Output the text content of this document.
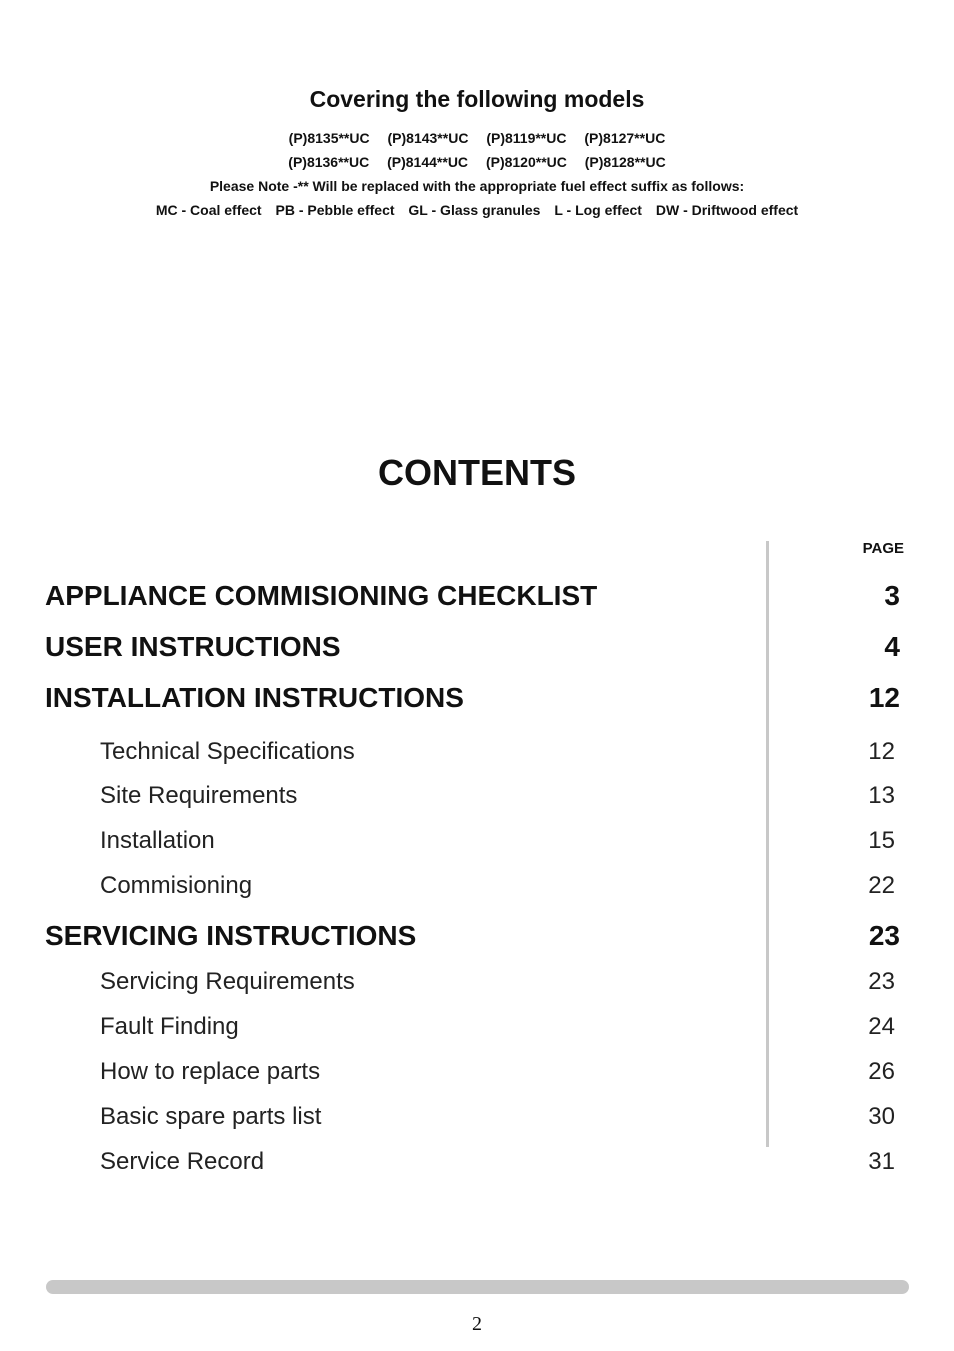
Covering the following models
(P)8135**UC (P)8143**UC (P)8119**UC (P)8127**UC
(P)8136**UC (P)8144**UC (P)8120**UC (P)8128**UC
Please Note -** Will be replaced with the appropriate fuel effect suffix as follows:
MC - Coal effect PB - Pebble effect GL - Glass granules L - Log effect DW - Driftwood effect
CONTENTS
PAGE
APPLIANCE COMMISIONING CHECKLIST	3
USER INSTRUCTIONS	4
INSTALLATION INSTRUCTIONS	12
Technical Specifications	12
Site Requirements	13
Installation	15
Commisioning	22
SERVICING INSTRUCTIONS	23
Servicing Requirements	23
Fault Finding	24
How to replace parts	26
Basic spare parts list	30
Service Record	31
2
